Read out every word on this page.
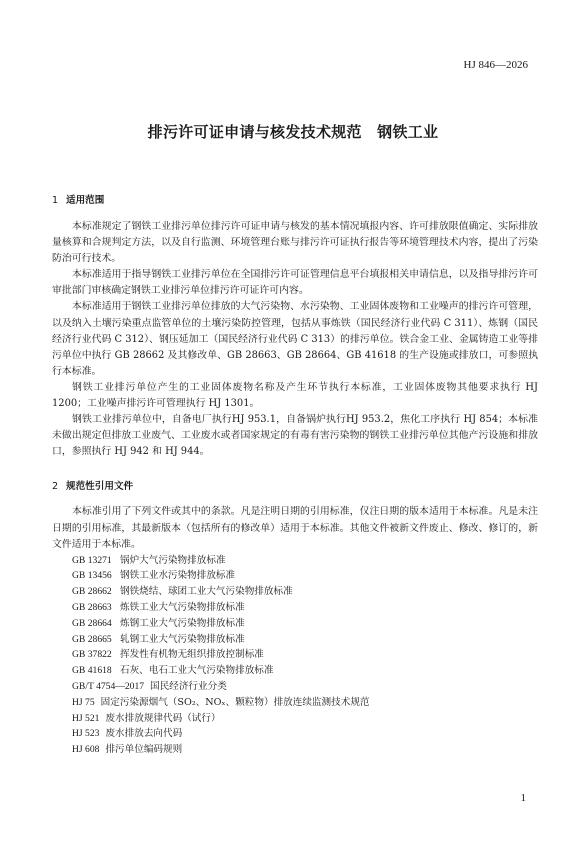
HJ 846—2026
排污许可证申请与核发技术规范　钢铁工业
1 适用范围

本标准规定了钢铁工业排污单位排污许可证申请与核发的基本情况填报内容、许可排放限值确定、实际排放量核算和合规判定方法，以及自行监测、环境管理台账与排污许可证执行报告等环境管理技术内容，提出了污染防治可行技术。

本标准适用于指导钢铁工业排污单位在全国排污许可证管理信息平台填报相关申请信息，以及指导排污许可审批部门审核确定钢铁工业排污单位排污许可证许可内容。

本标准适用于钢铁工业排污单位排放的大气污染物、水污染物、工业固体废物和工业噪声的排污许可管理，以及纳入土壤污染重点监管单位的土壤污染防控管理，包括从事炼铁（国民经济行业代码 C 311）、炼钢（国民经济行业代码 C 312）、钢压延加工（国民经济行业代码 C 313）的排污单位。铁合金工业、金属铸造工业等排污单位中执行 GB 28662 及其修改单、GB 28663、GB 28664、GB 41618 的生产设施或排放口，可参照执行本标准。

钢铁工业排污单位产生的工业固体废物名称及产生环节执行本标准，工业固体废物其他要求执行 HJ 1200；工业噪声排污许可管理执行 HJ 1301。

钢铁工业排污单位中，自备电厂执行HJ 953.1，自备锅炉执行HJ 953.2，焦化工序执行 HJ 854；本标准未做出规定但排放工业废气、工业废水或者国家规定的有毒有害污染物的钢铁工业排污单位其他产污设施和排放口，参照执行 HJ 942 和 HJ 944。

2 规范性引用文件

本标准引用了下列文件或其中的条款。凡是注明日期的引用标准，仅注日期的版本适用于本标准。凡是未注日期的引用标准，其最新版本（包括所有的修改单）适用于本标准。其他文件被新文件废止、修改、修订的，新文件适用于本标准。

GB 13271 锅炉大气污染物排放标准
GB 13456 钢铁工业水污染物排放标准
GB 28662 钢铁烧结、球团工业大气污染物排放标准
GB 28663 炼铁工业大气污染物排放标准
GB 28664 炼钢工业大气污染物排放标准
GB 28665 轧钢工业大气污染物排放标准
GB 37822 挥发性有机物无组织排放控制标准
GB 41618 石灰、电石工业大气污染物排放标准
GB/T 4754—2017 国民经济行业分类
HJ 75 固定污染源烟气（SO₂、NOₓ、颗粒物）排放连续监测技术规范
HJ 521 废水排放规律代码（试行）
HJ 523 废水排放去向代码
HJ 608 排污单位编码规则
1
